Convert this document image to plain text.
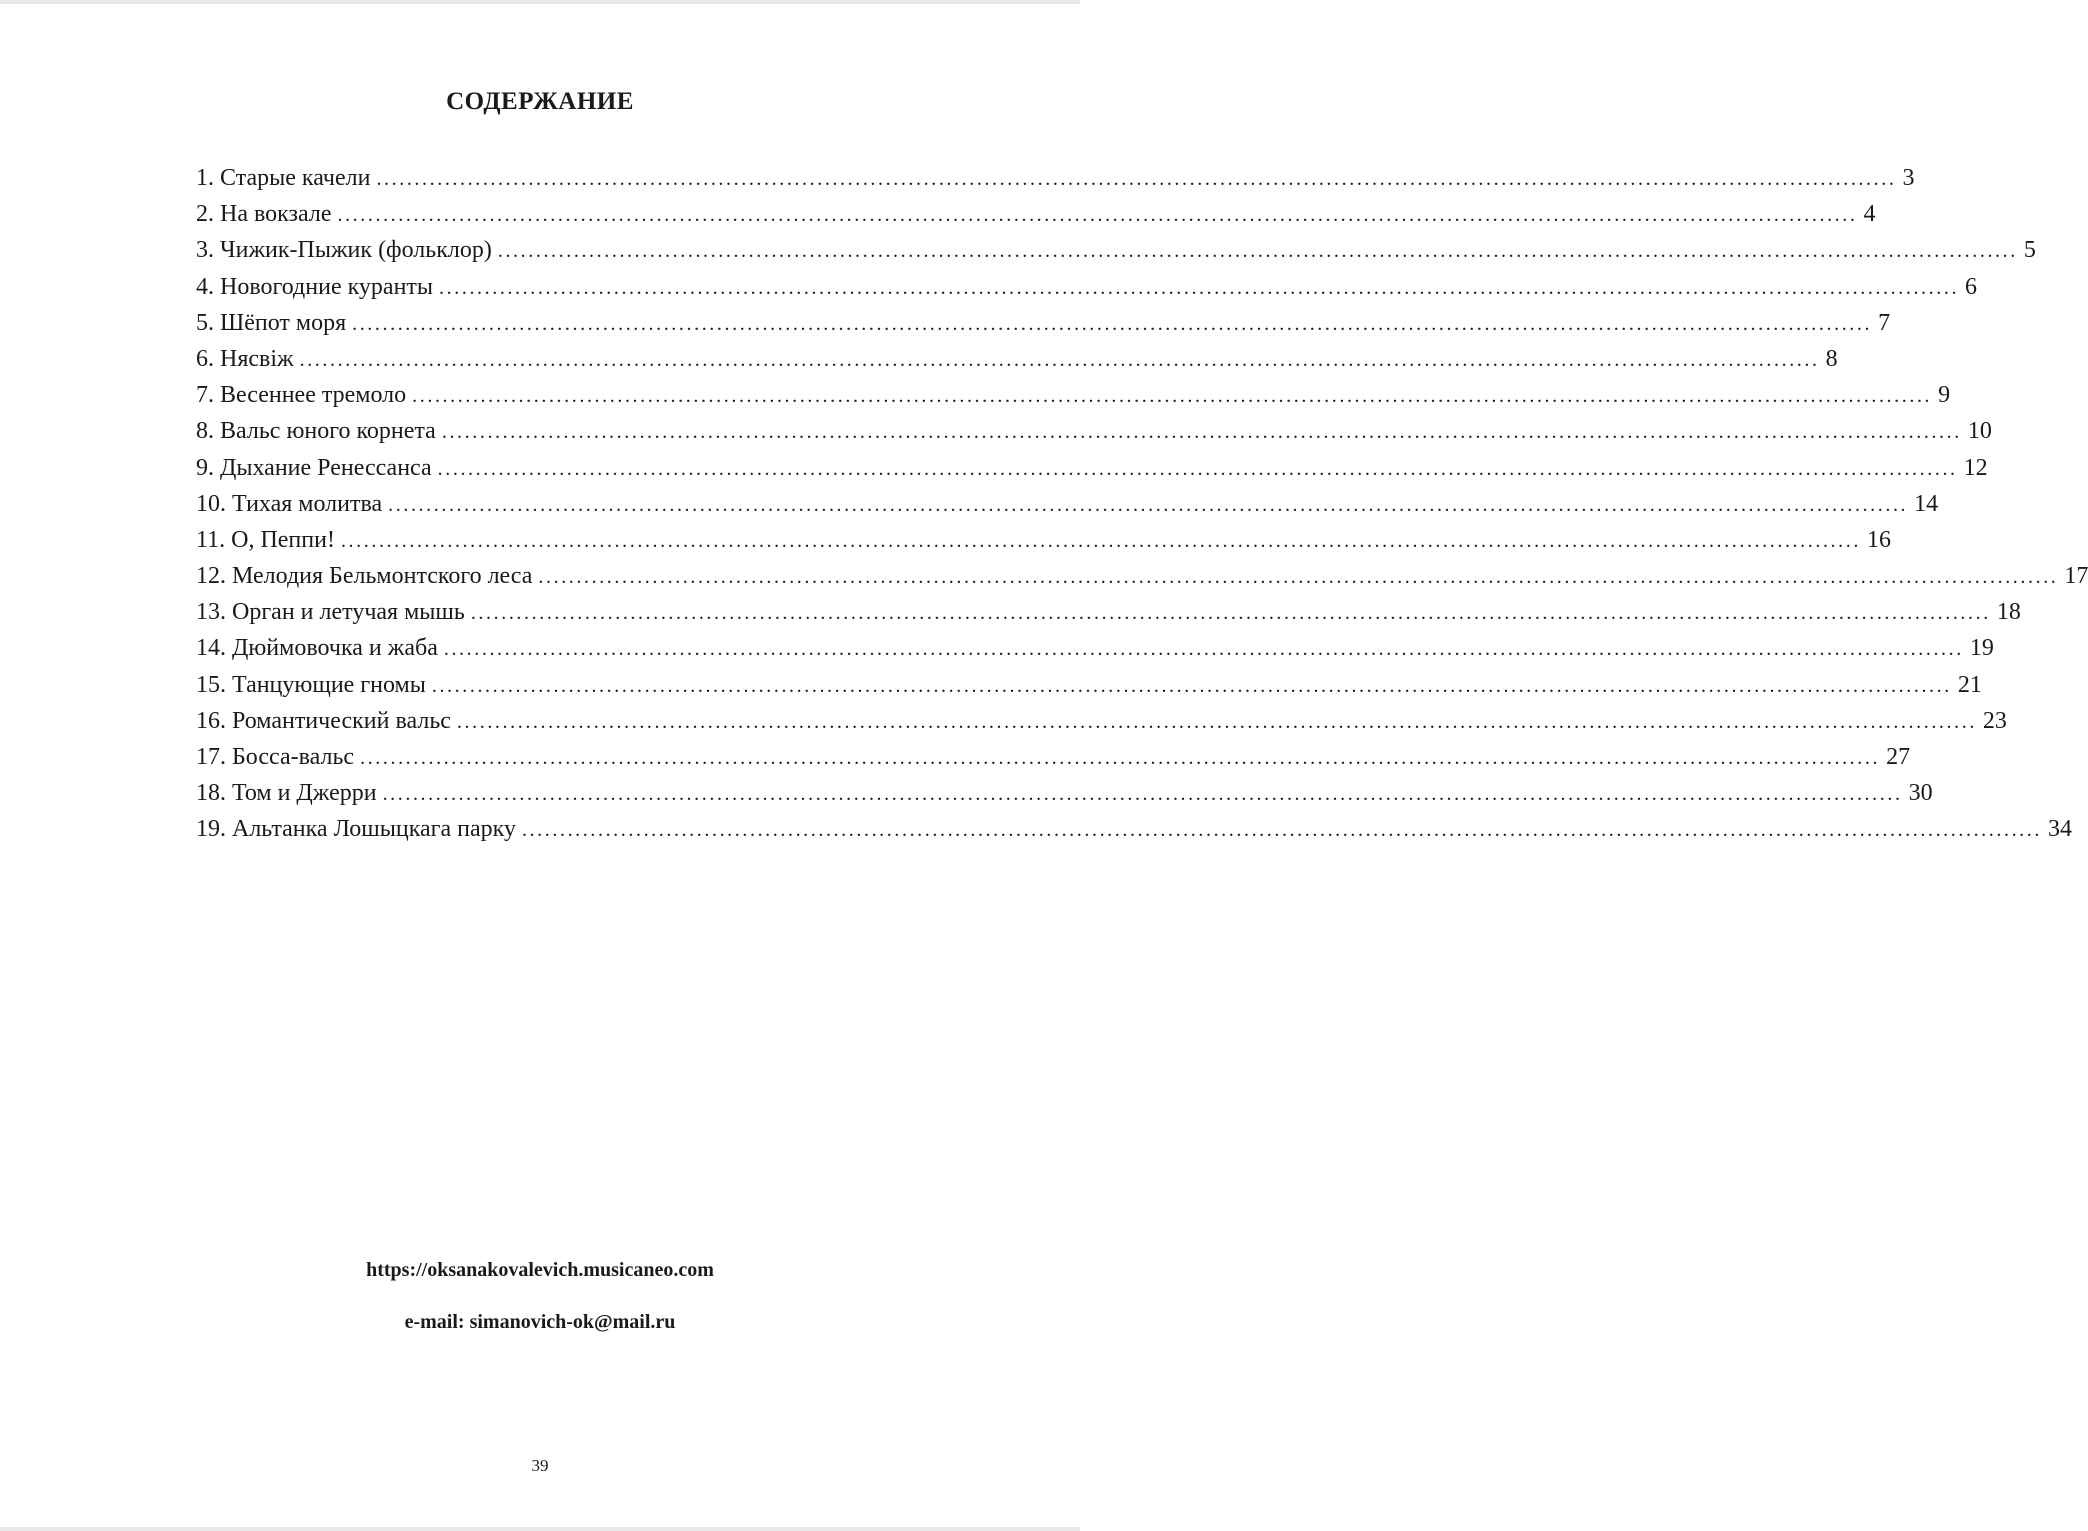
СОДЕРЖАНИЕ
1. Старые качели ........................................................................................................................................................................................................ 3
2. На вокзале ........................................................................................................................................................................................................ 4
3. Чижик-Пыжик (фольклор) ........................................................................................................................................................................................................ 5
4. Новогодние куранты ........................................................................................................................................................................................................ 6
5. Шёпот моря ........................................................................................................................................................................................................ 7
6. Нясвіж ........................................................................................................................................................................................................ 8
7. Весеннее тремоло ........................................................................................................................................................................................................ 9
8. Вальс юного корнета ........................................................................................................................................................................................................ 10
9. Дыхание Ренессанса ........................................................................................................................................................................................................ 12
10. Тихая молитва ........................................................................................................................................................................................................ 14
11. О, Пеппи! ........................................................................................................................................................................................................ 16
12. Мелодия Бельмонтского леса ........................................................................................................................................................................................................ 17
13. Орган и летучая мышь ........................................................................................................................................................................................................ 18
14. Дюймовочка и жаба ........................................................................................................................................................................................................ 19
15. Танцующие гномы ........................................................................................................................................................................................................ 21
16. Романтический вальс ........................................................................................................................................................................................................ 23
17. Босса-вальс ........................................................................................................................................................................................................ 27
18. Том и Джерри ........................................................................................................................................................................................................ 30
19. Альтанка Лошыцкага парку ........................................................................................................................................................................................................ 34
https://oksanakovalevich.musicaneo.com
e-mail: simanovich-ok@mail.ru
39
